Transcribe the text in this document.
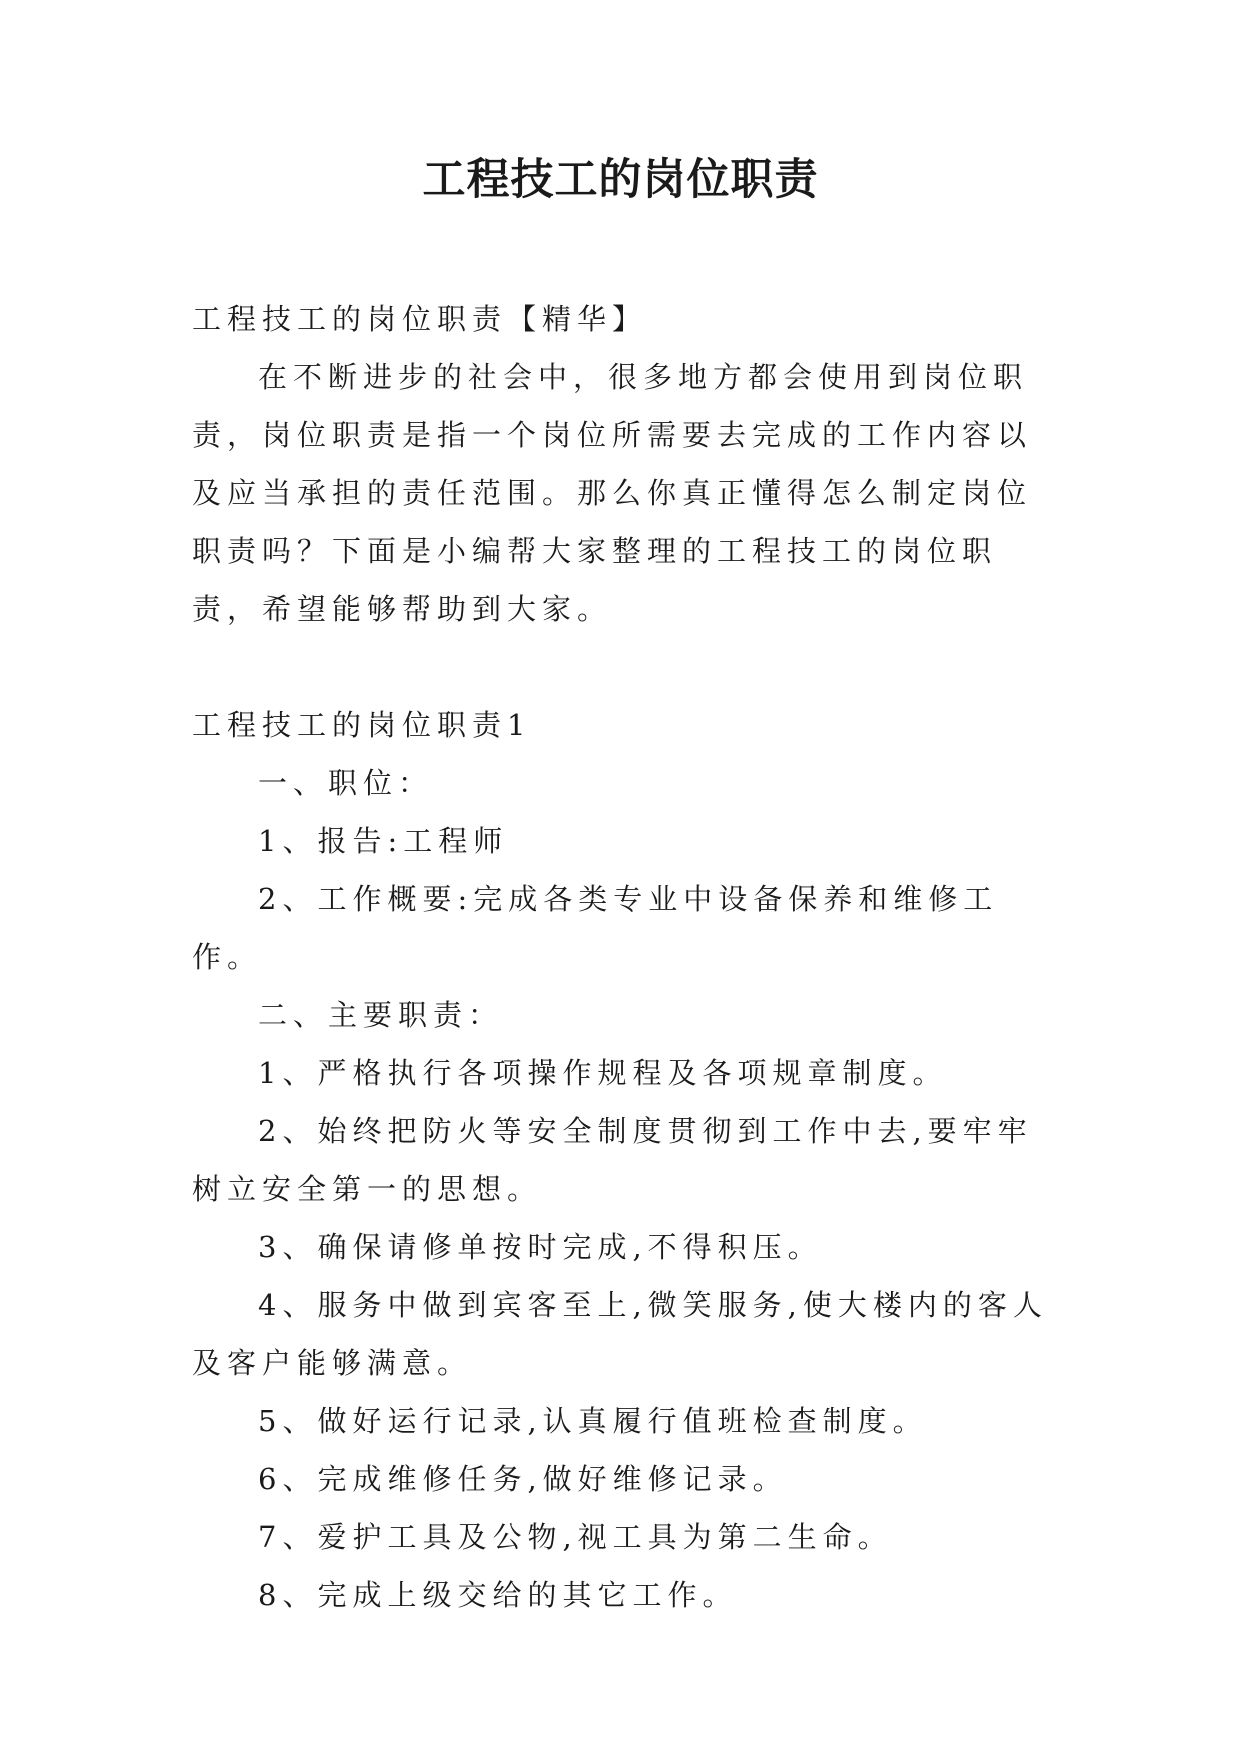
工程技工的岗位职责

工程技工的岗位职责【精华】

在不断进步的社会中，很多地方都会使用到岗位职责，岗位职责是指一个岗位所需要去完成的工作内容以及应当承担的责任范围。那么你真正懂得怎么制定岗位职责吗？下面是小编帮大家整理的工程技工的岗位职责，希望能够帮助到大家。

工程技工的岗位职责1

一、职位：

1、报告:工程师

2、工作概要:完成各类专业中设备保养和维修工作。

二、主要职责：

1、严格执行各项操作规程及各项规章制度。

2、始终把防火等安全制度贯彻到工作中去,要牢牢树立安全第一的思想。

3、确保请修单按时完成,不得积压。

4、服务中做到宾客至上,微笑服务,使大楼内的客人及客户能够满意。

5、做好运行记录,认真履行值班检查制度。

6、完成维修任务,做好维修记录。

7、爱护工具及公物,视工具为第二生命。

8、完成上级交给的其它工作。
